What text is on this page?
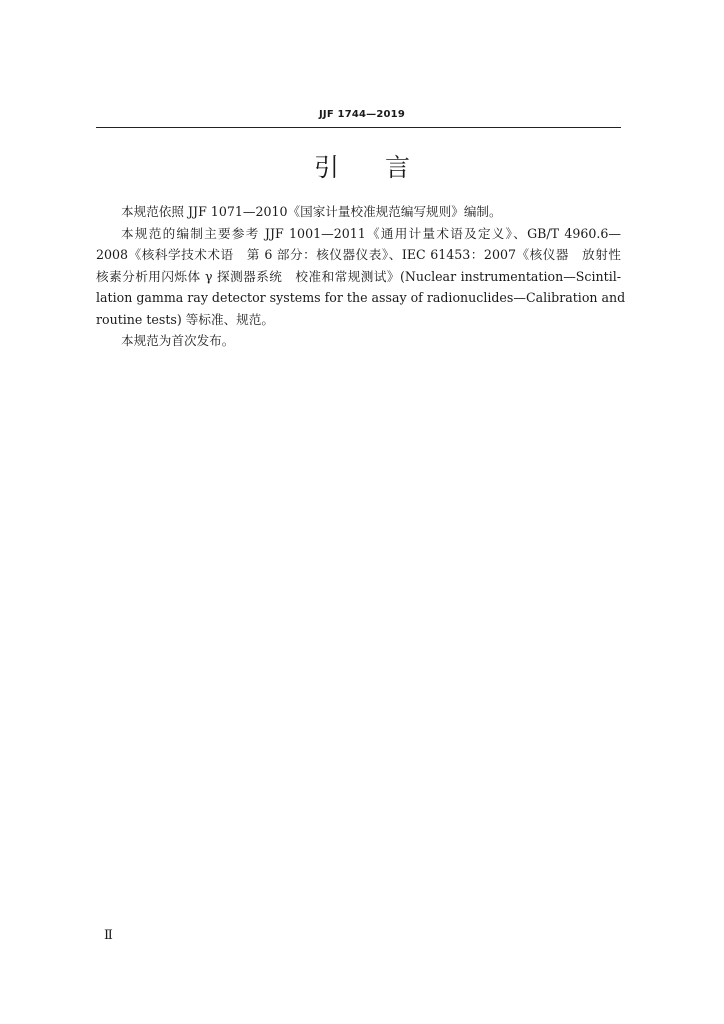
JJF 1744—2019
引 言

本规范依照 JJF 1071—2010《国家计量校准规范编写规则》编制。

本规范的编制主要参考 JJF 1001—2011《通用计量术语及定义》、GB/T 4960.6—
2008《核科学技术术语　第 6 部分：核仪器仪表》、IEC 61453：2007《核仪器　放射性
核素分析用闪烁体 γ 探测器系统　校准和常规测试》(Nuclear instrumentation—Scintil-
lation gamma ray detector systems for the assay of radionuclides—Calibration and
routine tests) 等标准、规范。

本规范为首次发布。

Ⅱ
